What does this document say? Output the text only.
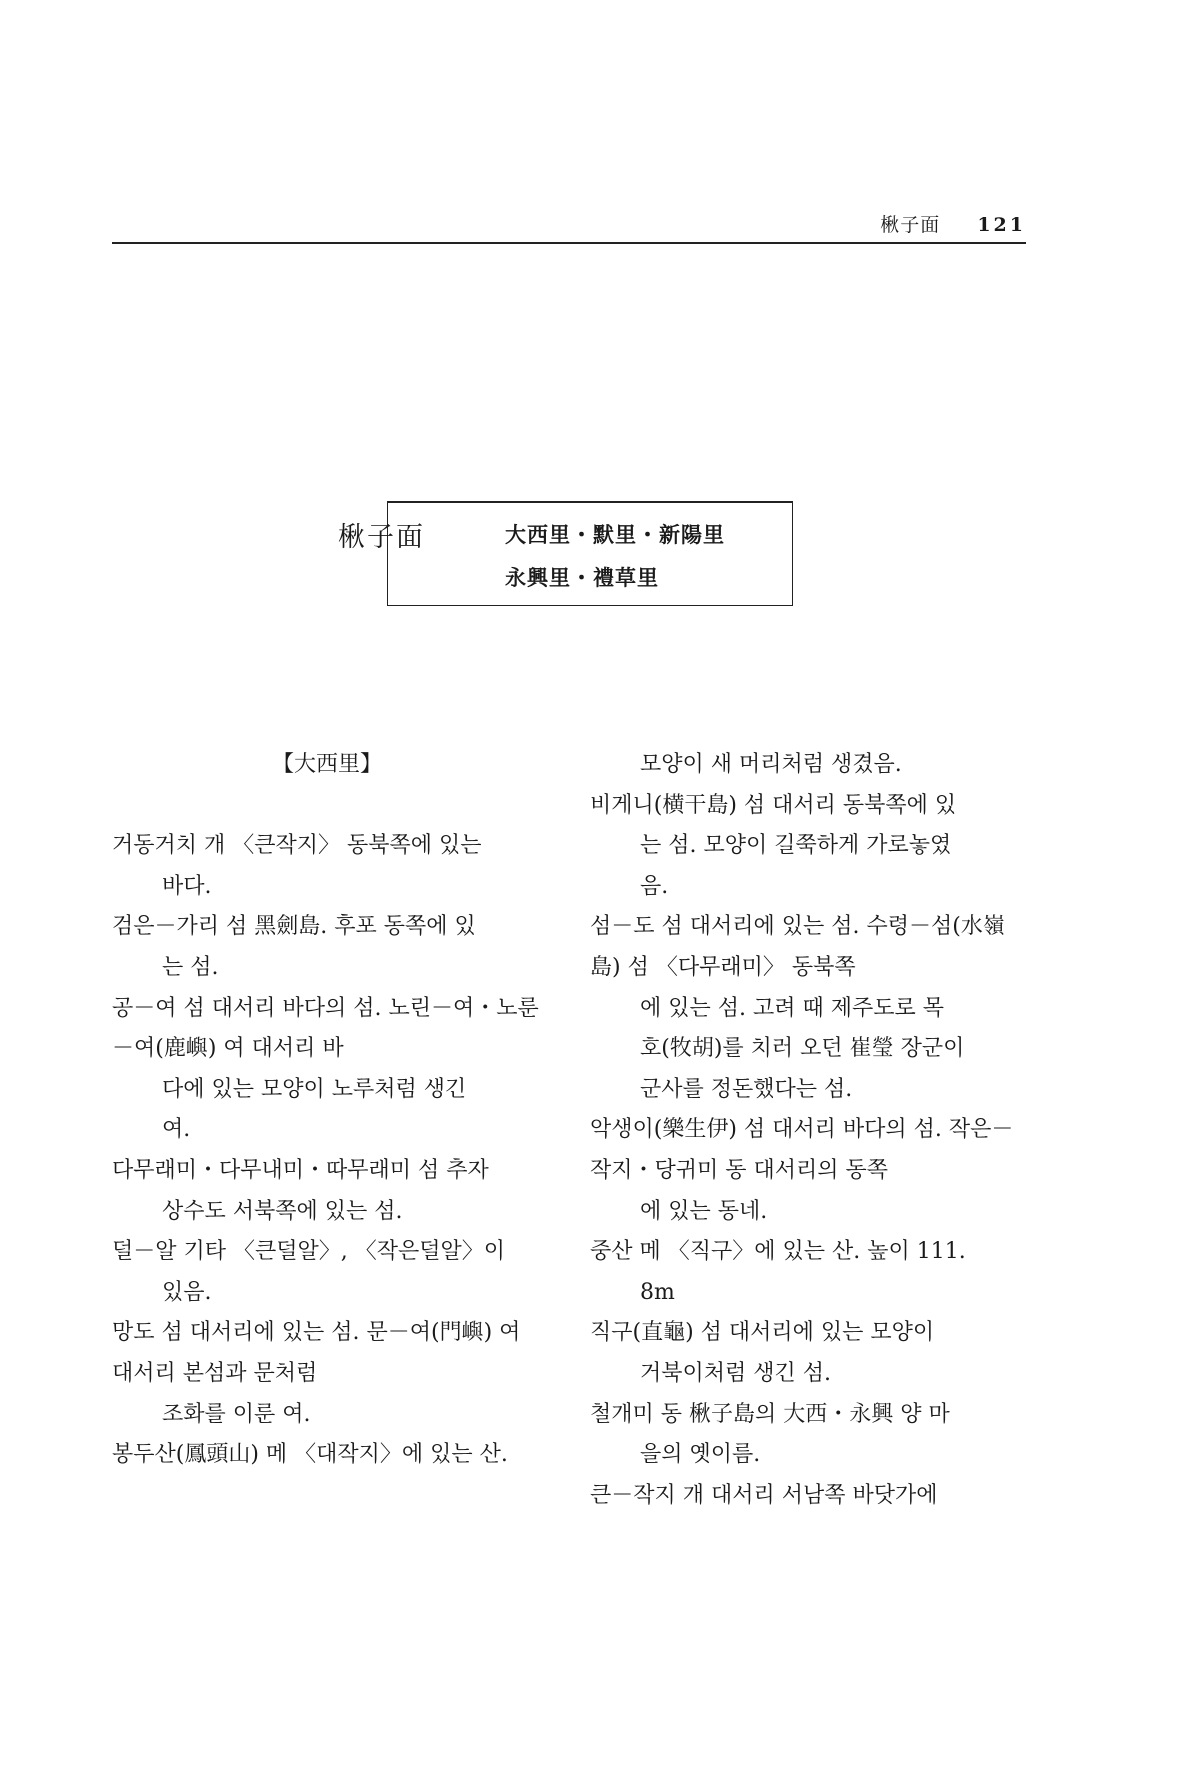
楸子面 121
楸子面	大西里・默里・新陽里
永興里・禮草里
【大西里】
거동거치 개 〈큰작지〉 동북쪽에 있는
바다.
검은－가리 섬 黑劍島. 후포 동쪽에 있
는 섬.
공－여 섬 대서리 바다의 섬. 노린－여・노룬－여(鹿嶼) 여 대서리 바
다에 있는 모양이 노루처럼 생긴
여.
다무래미・다무내미・따무래미 섬 추자
상수도 서북쪽에 있는 섬.
덜－알 기타 〈큰덜알〉, 〈작은덜알〉이
있음.
망도 섬 대서리에 있는 섬. 문－여(門嶼) 여 대서리 본섬과 문처럼
조화를 이룬 여.
봉두산(鳳頭山) 메 〈대작지〉에 있는 산.
모양이 새 머리처럼 생겼음.
비게니(横干島) 섬 대서리 동북쪽에 있
는 섬. 모양이 길쭉하게 가로놓였
음.
섬－도 섬 대서리에 있는 섬. 수령－섬(水嶺島) 섬 〈다무래미〉 동북쪽
에 있는 섬. 고려 때 제주도로 목
호(牧胡)를 치러 오던 崔瑩 장군이
군사를 정돈했다는 섬.
악생이(樂生伊) 섬 대서리 바다의 섬. 작은－작지・당귀미 동 대서리의 동쪽
에 있는 동네.
중산 메 〈직구〉에 있는 산. 높이 111.
8m
직구(直龜) 섬 대서리에 있는 모양이
거북이처럼 생긴 섬.
철개미 동 楸子島의 大西・永興 양 마
을의 옛이름.
큰－작지 개 대서리 서남쪽 바닷가에
